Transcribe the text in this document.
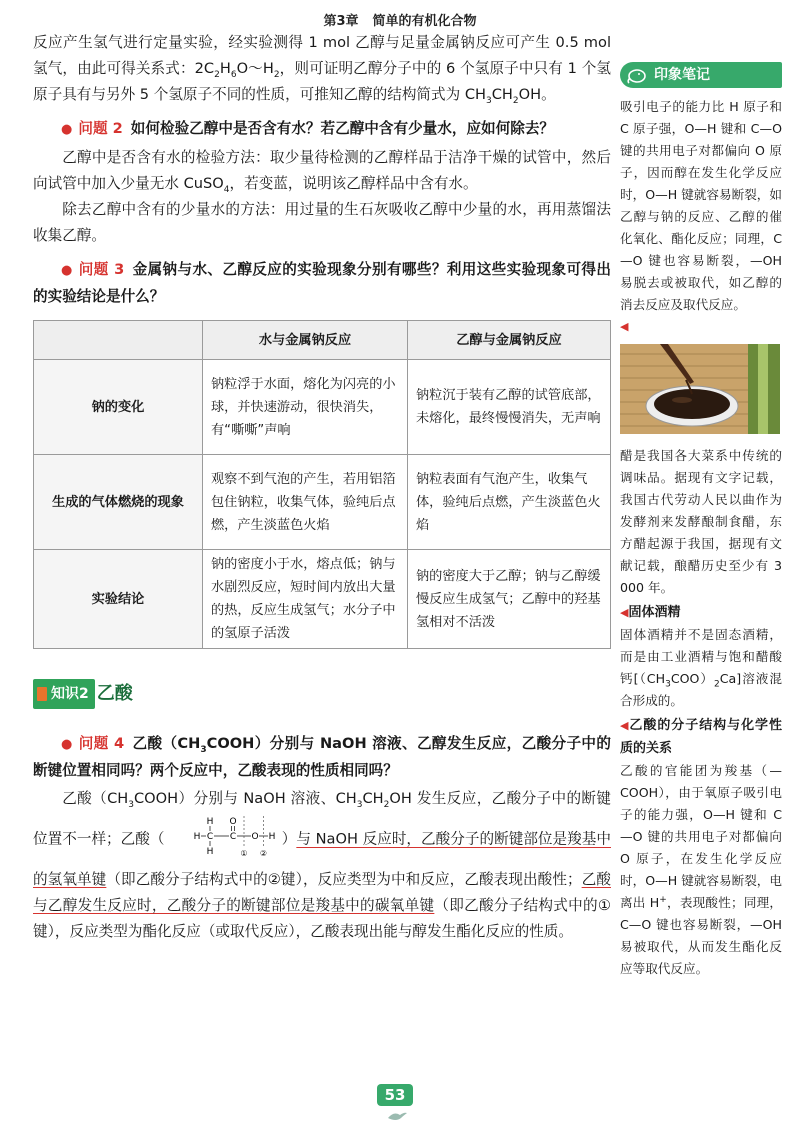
第3章 简单的有机化合物

反应产生氢气进行定量实验，经实验测得 1 mol 乙醇与足量金属钠反应可产生 0.5 mol 氢气，由此可得关系式：$2C_2H_6O\sim H_2$，则可证明乙醇分子中的 6 个氢原子中只有 1 个氢原子具有与另外 5 个氢原子不同的性质，可推知乙醇的结构简式为 $CH_3CH_2OH$。

● 问题 2 如何检验乙醇中是否含有水？若乙醇中含有少量水，应如何除去？

乙醇中是否含有水的检验方法：取少量待检测的乙醇样品于洁净干燥的试管中，然后向试管中加入少量无水 CuSO$_4$，若变蓝，说明该乙醇样品中含有水。

除去乙醇中含有的少量水的方法：用过量的生石灰吸收乙醇中少量的水，再用蒸馏法收集乙醇。

● 问题 3 金属钠与水、乙醇反应的实验现象分别有哪些？利用这些实验现象可得出的实验结论是什么？

	水与金属钠反应	乙醇与金属钠反应
钠的变化	钠粒浮于水面，熔化为闪亮的小球，并快速游动，很快消失，有“嘶嘶”声响	钠粒沉于装有乙醇的试管底部，未熔化，最终慢慢消失，无声响
生成的气体燃烧的现象	观察不到气泡的产生，若用铝箔包住钠粒，收集气体，验纯后点燃，产生淡蓝色火焰	钠粒表面有气泡产生，收集气体，验纯后点燃，产生淡蓝色火焰
实验结论	钠的密度小于水，熔点低；钠与水剧烈反应，短时间内放出大量的热，反应生成氢气；水分子中的氢原子活泼	钠的密度大于乙醇；钠与乙醇缓慢反应生成氢气；乙醇中的羟基氢相对不活泼
知识2 乙酸

● 问题 4 乙酸$(CH_3COOH)$分别与 NaOH 溶液、乙醇发生反应，乙酸分子中的断键位置相同吗？两个反应中，乙酸表现的性质相同吗？

乙酸$(CH_3COOH)$分别与 NaOH 溶液、$CH_3CH_2OH$ 发生反应，乙酸分子中的断键位置不一样；乙酸（
H O
H C C O H
H	① ②
）与 NaOH 反应时，乙酸分子的断键部位是羧基中的氢氧单键（即乙酸分子结构式中的②键），反应类型为中和反应，乙酸表现出酸性；乙酸与乙醇发生反应时，乙酸分子的断键部位是羧基中的碳氧单键（即乙酸分子结构式中的①键），反应类型为酯化反应（或取代反应），乙酸表现出能与醇发生酯化反应的性质。

印象笔记

吸引电子的能力比 H 原子和 C 原子强，O—H 键和 C—O 键的共用电子对都偏向 O 原子，因而醇在发生化学反应时，O—H 键就容易断裂，如乙醇与钠的反应、乙醇的催化氧化、酯化反应；同理，C—O 键也容易断裂，—OH 易脱去或被取代，如乙醇的消去反应及取代反应。

◀

醋是我国各大菜系中传统的调味品。据现有文字记载，我国古代劳动人民以曲作为发酵剂来发酵酿制食醋，东方醋起源于我国，据现有文献记载，酿醋历史至少有 3 000 年。

◀固体酒精

固体酒精并不是固态酒精，而是由工业酒精与饱和醋酸钙$[(CH_3COO)_2Ca]$溶液混合形成的。

◀乙酸的分子结构与化学性质的关系

乙酸的官能团为羧基（—COOH），由于氧原子吸引电子的能力强，O—H 键和 C—O 键的共用电子对都偏向 O 原子，在发生化学反应时，O—H 键就容易断裂，电离出 H+，表现酸性；同理，C—O 键也容易断裂，—OH 易被取代，从而发生酯化反应等取代反应。

53
